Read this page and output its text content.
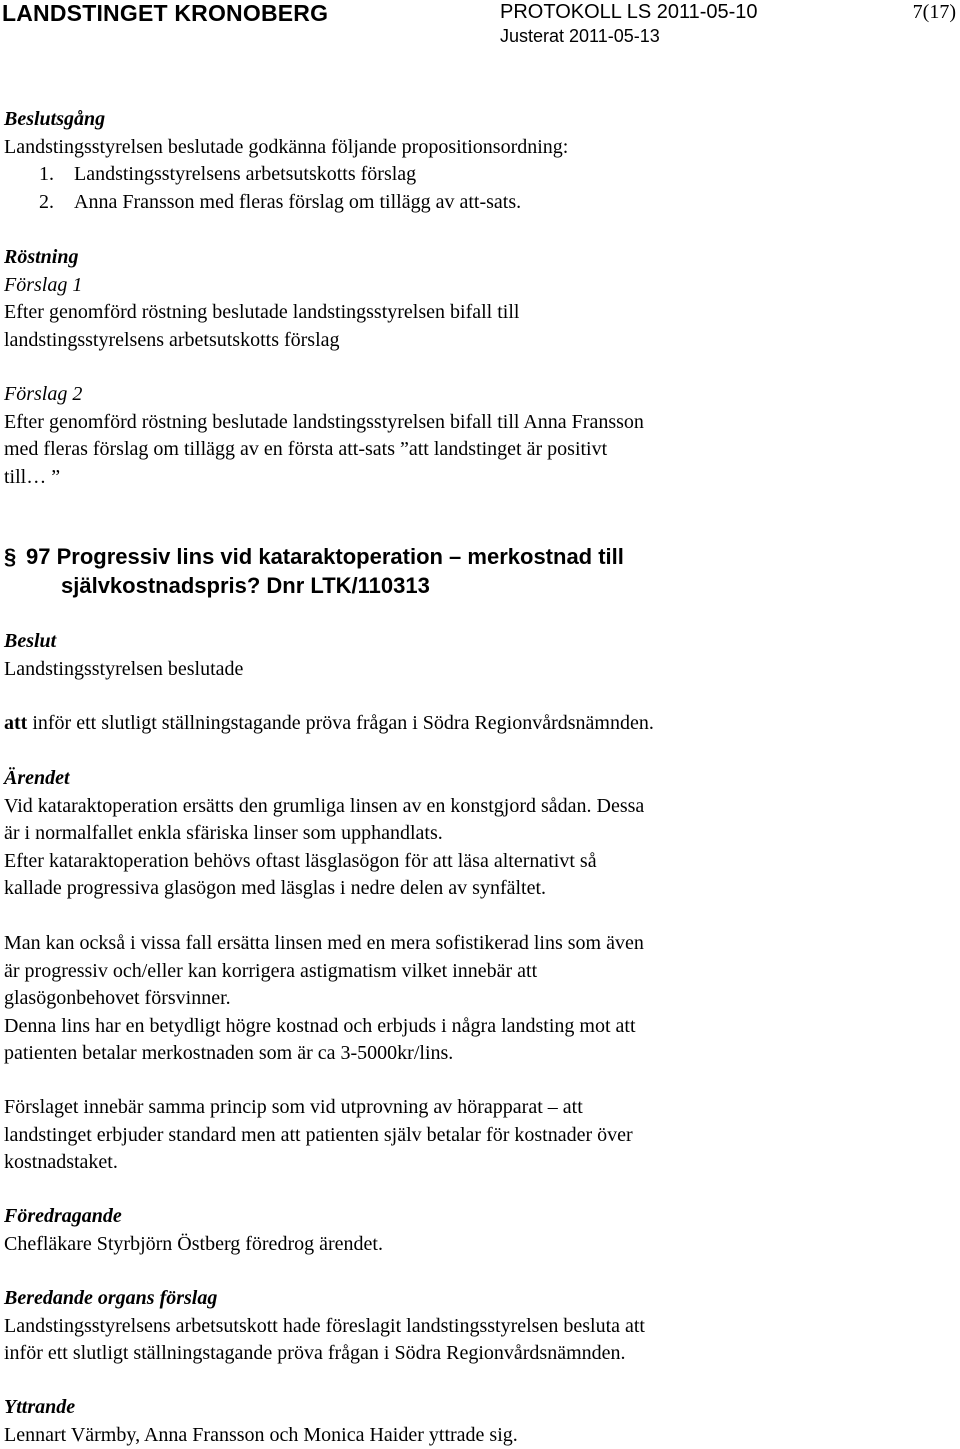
LANDSTINGET KRONOBERG	PROTOKOLL LS 2011-05-10
Justerat 2011-05-13
7(17)

Beslutsgång

Landstingsstyrelsen beslutade godkänna följande propositionsordning:

1. Landstingsstyrelsens arbetsutskotts förslag
2. Anna Fransson med fleras förslag om tillägg av att-sats.

Röstning

Förslag 1

Efter genomförd röstning beslutade landstingsstyrelsen bifall till

landstingsstyrelsens arbetsutskotts förslag

Förslag 2

Efter genomförd röstning beslutade landstingsstyrelsen bifall till Anna Fransson

med fleras förslag om tillägg av en första att-sats ”att landstinget är positivt

till… ”

§ 97 Progressiv lins vid kataraktoperation – merkostnad till
självkostnadspris? Dnr LTK/110313

Beslut

Landstingsstyrelsen beslutade

att inför ett slutligt ställningstagande pröva frågan i Södra Regionvårdsnämnden.

Ärendet

Vid kataraktoperation ersätts den grumliga linsen av en konstgjord sådan. Dessa

är i normalfallet enkla sfäriska linser som upphandlats.

Efter kataraktoperation behövs oftast läsglasögon för att läsa alternativt så

kallade progressiva glasögon med läsglas i nedre delen av synfältet.

Man kan också i vissa fall ersätta linsen med en mera sofistikerad lins som även

är progressiv och/eller kan korrigera astigmatism vilket innebär att

glasögonbehovet försvinner.

Denna lins har en betydligt högre kostnad och erbjuds i några landsting mot att

patienten betalar merkostnaden som är ca 3-5000kr/lins.

Förslaget innebär samma princip som vid utprovning av hörapparat – att

landstinget erbjuder standard men att patienten själv betalar för kostnader över

kostnadstaket.

Föredragande

Chefläkare Styrbjörn Östberg föredrog ärendet.

Beredande organs förslag

Landstingsstyrelsens arbetsutskott hade föreslagit landstingsstyrelsen besluta att

inför ett slutligt ställningstagande pröva frågan i Södra Regionvårdsnämnden.

Yttrande

Lennart Värmby, Anna Fransson och Monica Haider yttrade sig.
